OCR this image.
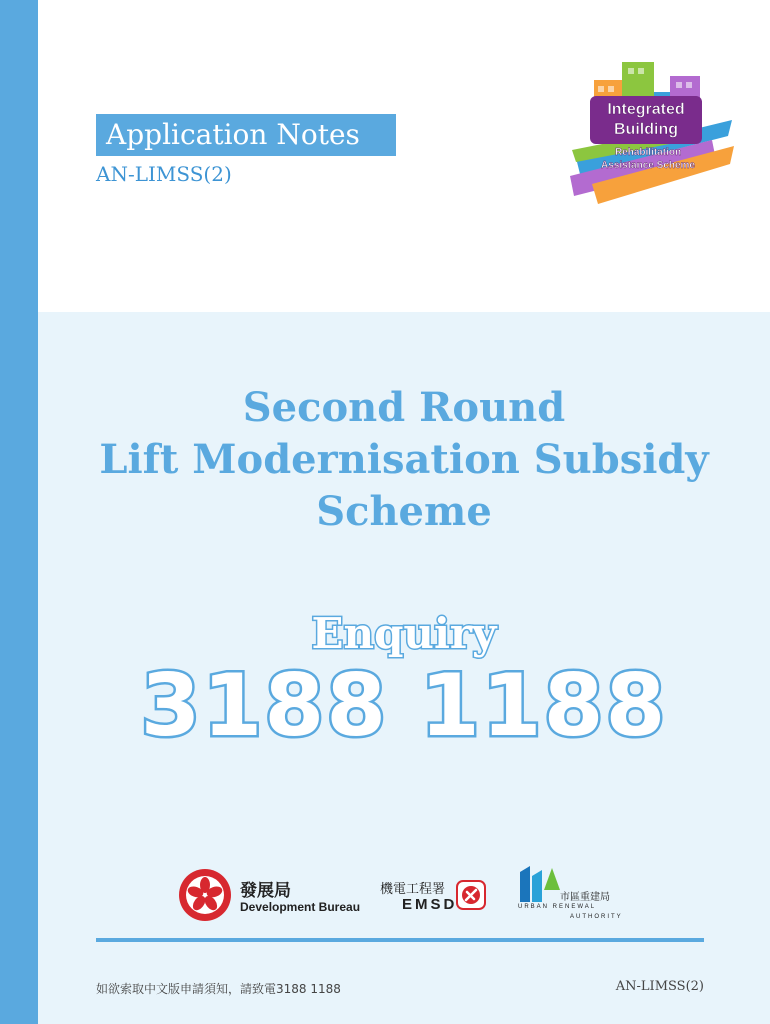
Application Notes
AN-LIMSS(2)
Integrated
Building
Rehabilitation
Assistance Scheme
Second Round
Lift Modernisation Subsidy
Scheme
Enquiry
3188 1188
發展局
Development Bureau
機電工程署
EMSD	市區重建局
URBAN RENEWAL
AUTHORITY
如欲索取中文版申請須知，請致電3188 1188	AN-LIMSS(2)
